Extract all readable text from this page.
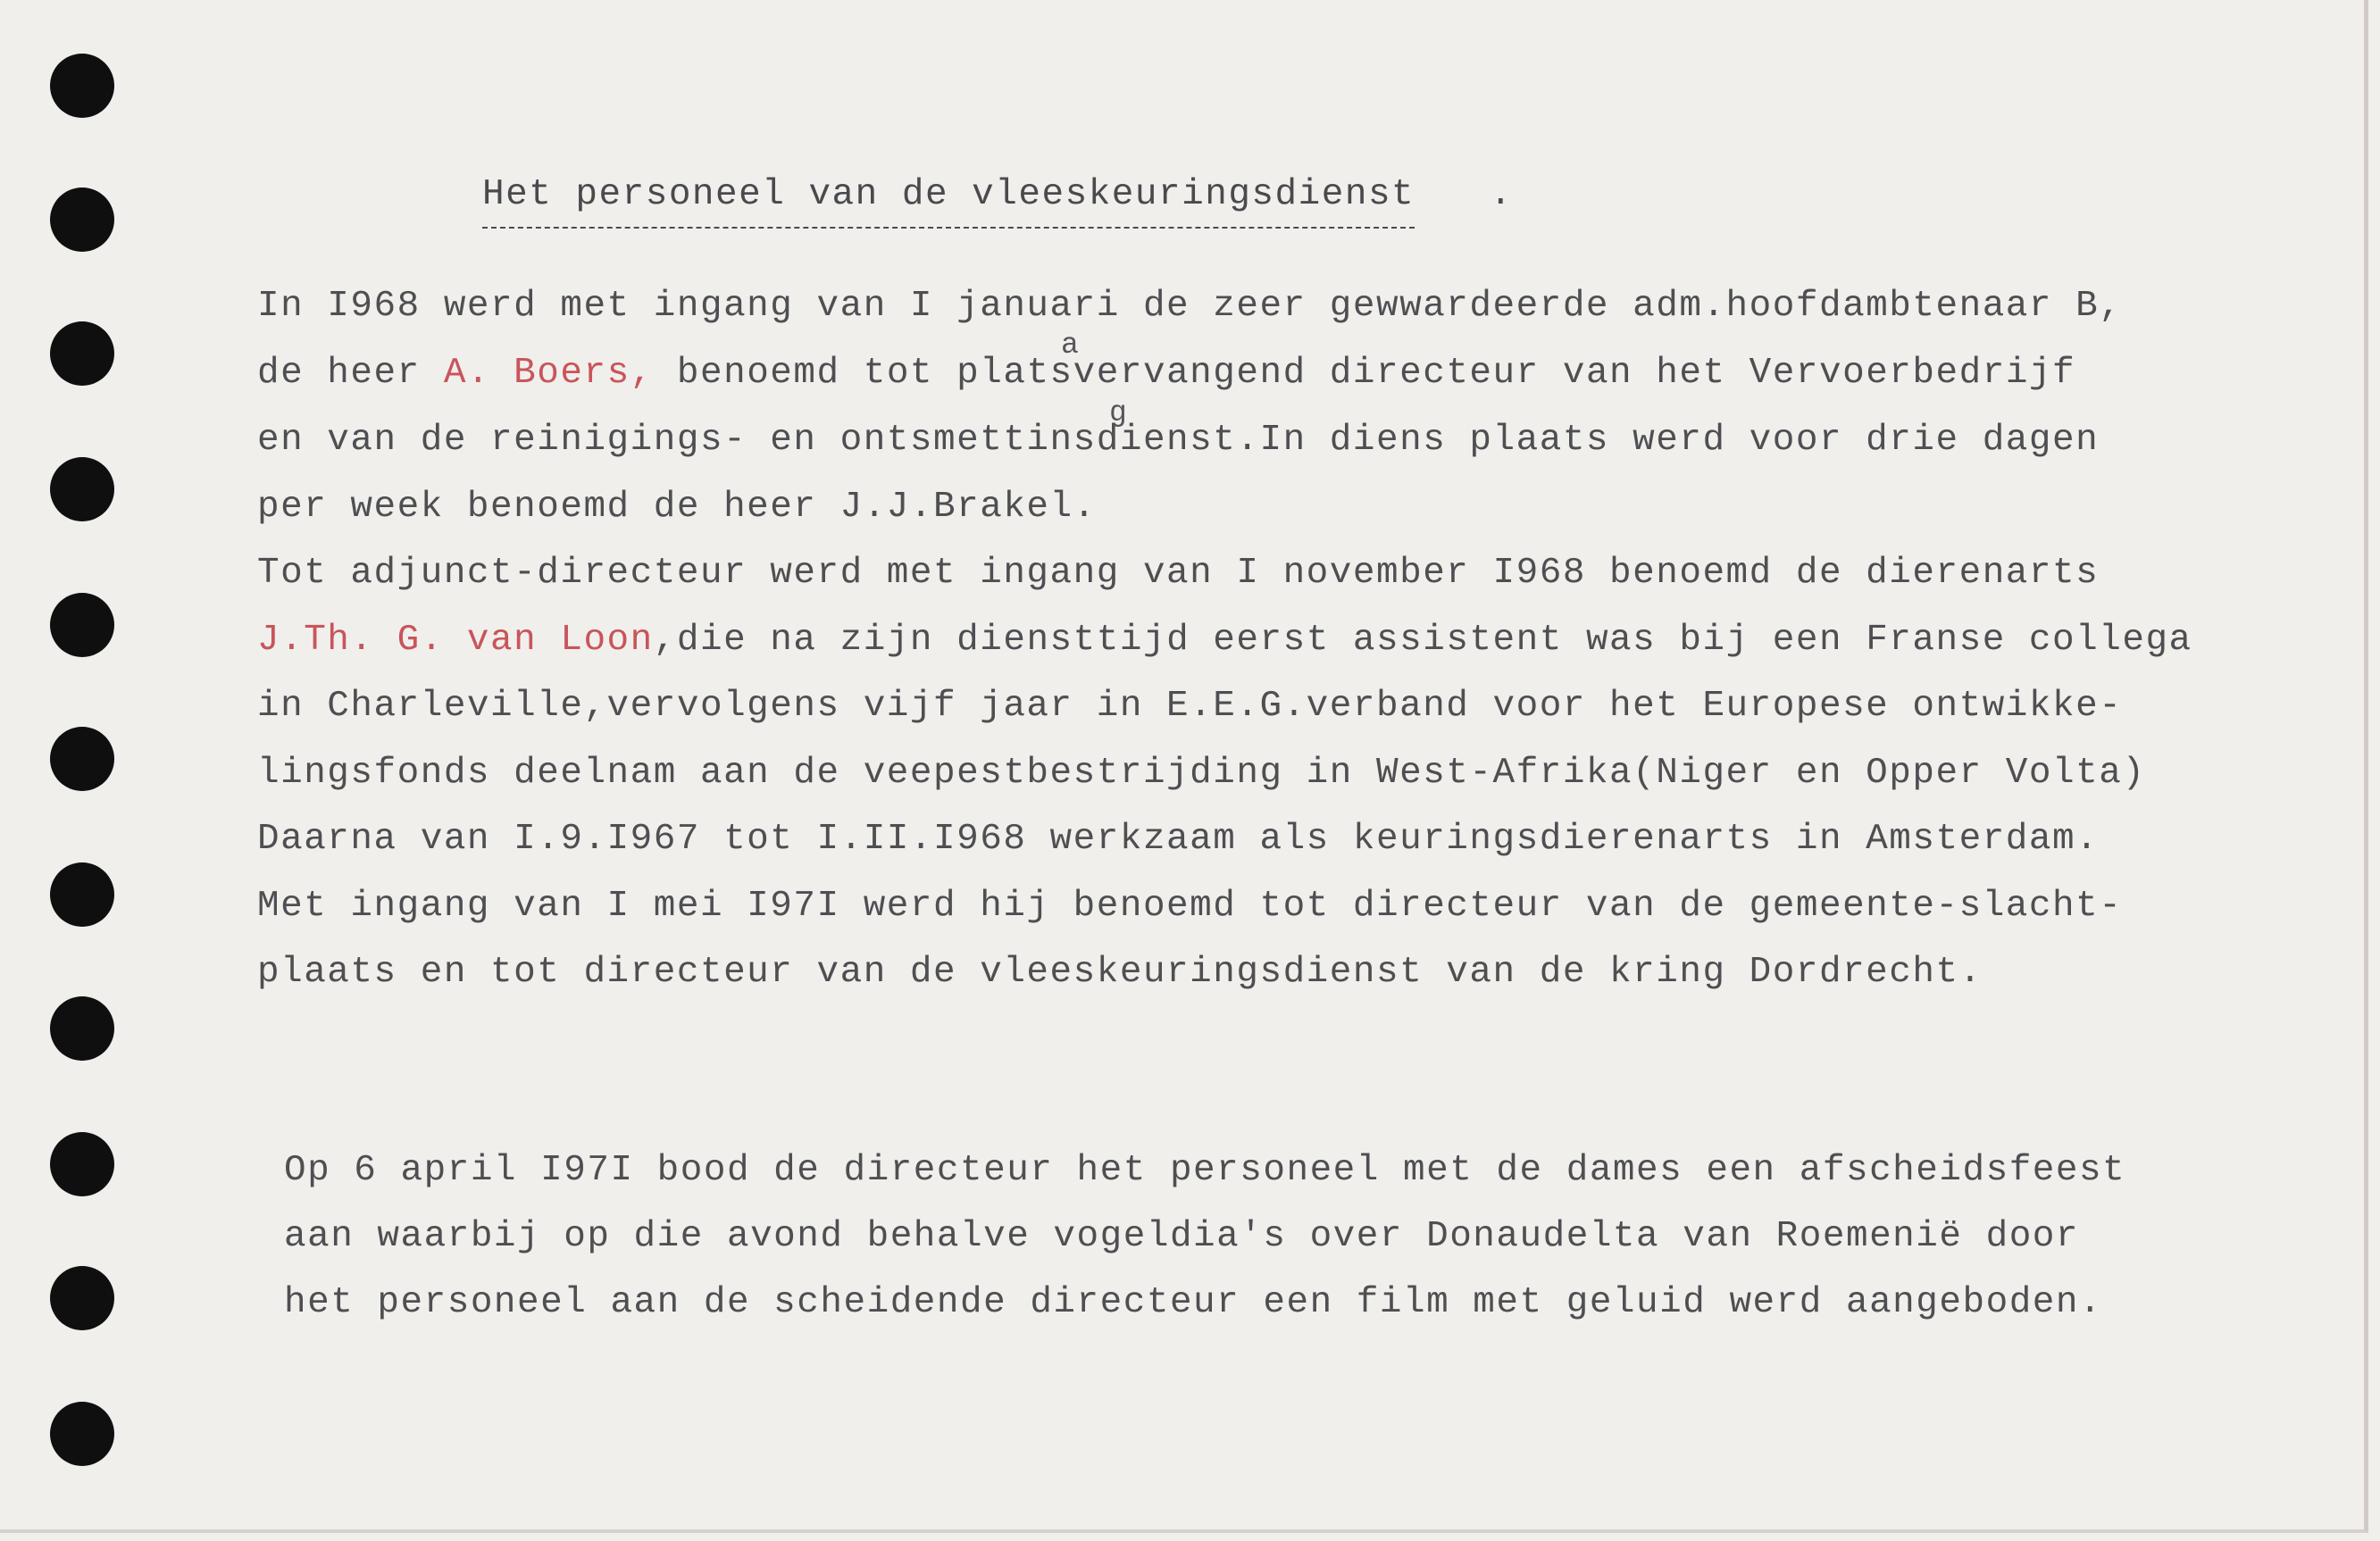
Het personeel van de vleeskeuringsdienst .
a
g
In I968 werd met ingang van I januari de zeer gewwardeerde adm.hoofdambtenaar B,
de heer A. Boers, benoemd tot platsvervangend directeur van het Vervoerbedrijf
en van de reinigings- en ontsmettinsdienst.In diens plaats werd voor drie dagen
per week benoemd de heer J.J.Brakel.
Tot adjunct-directeur werd met ingang van I november I968 benoemd de dierenarts
J.Th. G. van Loon,die na zijn diensttijd eerst assistent was bij een Franse collega
in Charleville,vervolgens vijf jaar in E.E.G.verband voor het Europese ontwikke-
lingsfonds deelnam aan de veepestbestrijding in West-Afrika(Niger en Opper Volta)
Daarna van I.9.I967 tot I.II.I968 werkzaam als keuringsdierenarts in Amsterdam.
Met ingang van I mei I97I werd hij benoemd tot directeur van de gemeente-slacht-
plaats en tot directeur van de vleeskeuringsdienst van de kring Dordrecht.
Op 6 april I97I bood de directeur het personeel met de dames een afscheidsfeest
aan waarbij op die avond behalve vogeldia's over Donaudelta van Roemenië door
het personeel aan de scheidende directeur een film met geluid werd aangeboden.
